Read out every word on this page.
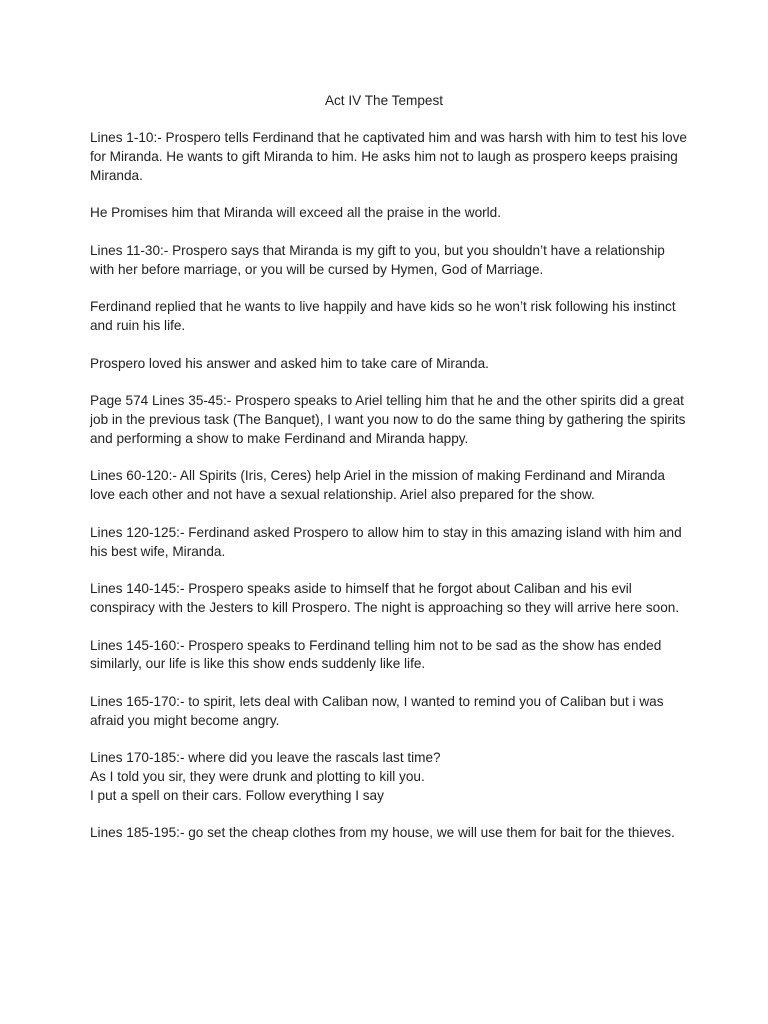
Act IV The Tempest

Lines 1-10:- Prospero tells Ferdinand that he captivated him and was harsh with him to test his love for Miranda. He wants to gift Miranda to him. He asks him not to laugh as prospero keeps praising Miranda.

He Promises him that Miranda will exceed all the praise in the world.

Lines 11-30:- Prospero says that Miranda is my gift to you, but you shouldn’t have a relationship with her before marriage, or you will be cursed by Hymen, God of Marriage.

Ferdinand replied that he wants to live happily and have kids so he won’t risk following his instinct and ruin his life.

Prospero loved his answer and asked him to take care of Miranda.

Page 574 Lines 35-45:- Prospero speaks to Ariel telling him that he and the other spirits did a great job in the previous task (The Banquet), I want you now to do the same thing by gathering the spirits and performing a show to make Ferdinand and Miranda happy.

Lines 60-120:- All Spirits (Iris, Ceres) help Ariel in the mission of making Ferdinand and Miranda love each other and not have a sexual relationship. Ariel also prepared for the show.

Lines 120-125:- Ferdinand asked Prospero to allow him to stay in this amazing island with him and his best wife, Miranda.

Lines 140-145:- Prospero speaks aside to himself that he forgot about Caliban and his evil conspiracy with the Jesters to kill Prospero. The night is approaching so they will arrive here soon.

Lines 145-160:- Prospero speaks to Ferdinand telling him not to be sad as the show has ended similarly, our life is like this show ends suddenly like life.

Lines 165-170:- to spirit, lets deal with Caliban now, I wanted to remind you of Caliban but i was afraid you might become angry.

Lines 170-185:- where did you leave the rascals last time?
As I told you sir, they were drunk and plotting to kill you.
I put a spell on their cars. Follow everything I say

Lines 185-195:- go set the cheap clothes from my house, we will use them for bait for the thieves.
